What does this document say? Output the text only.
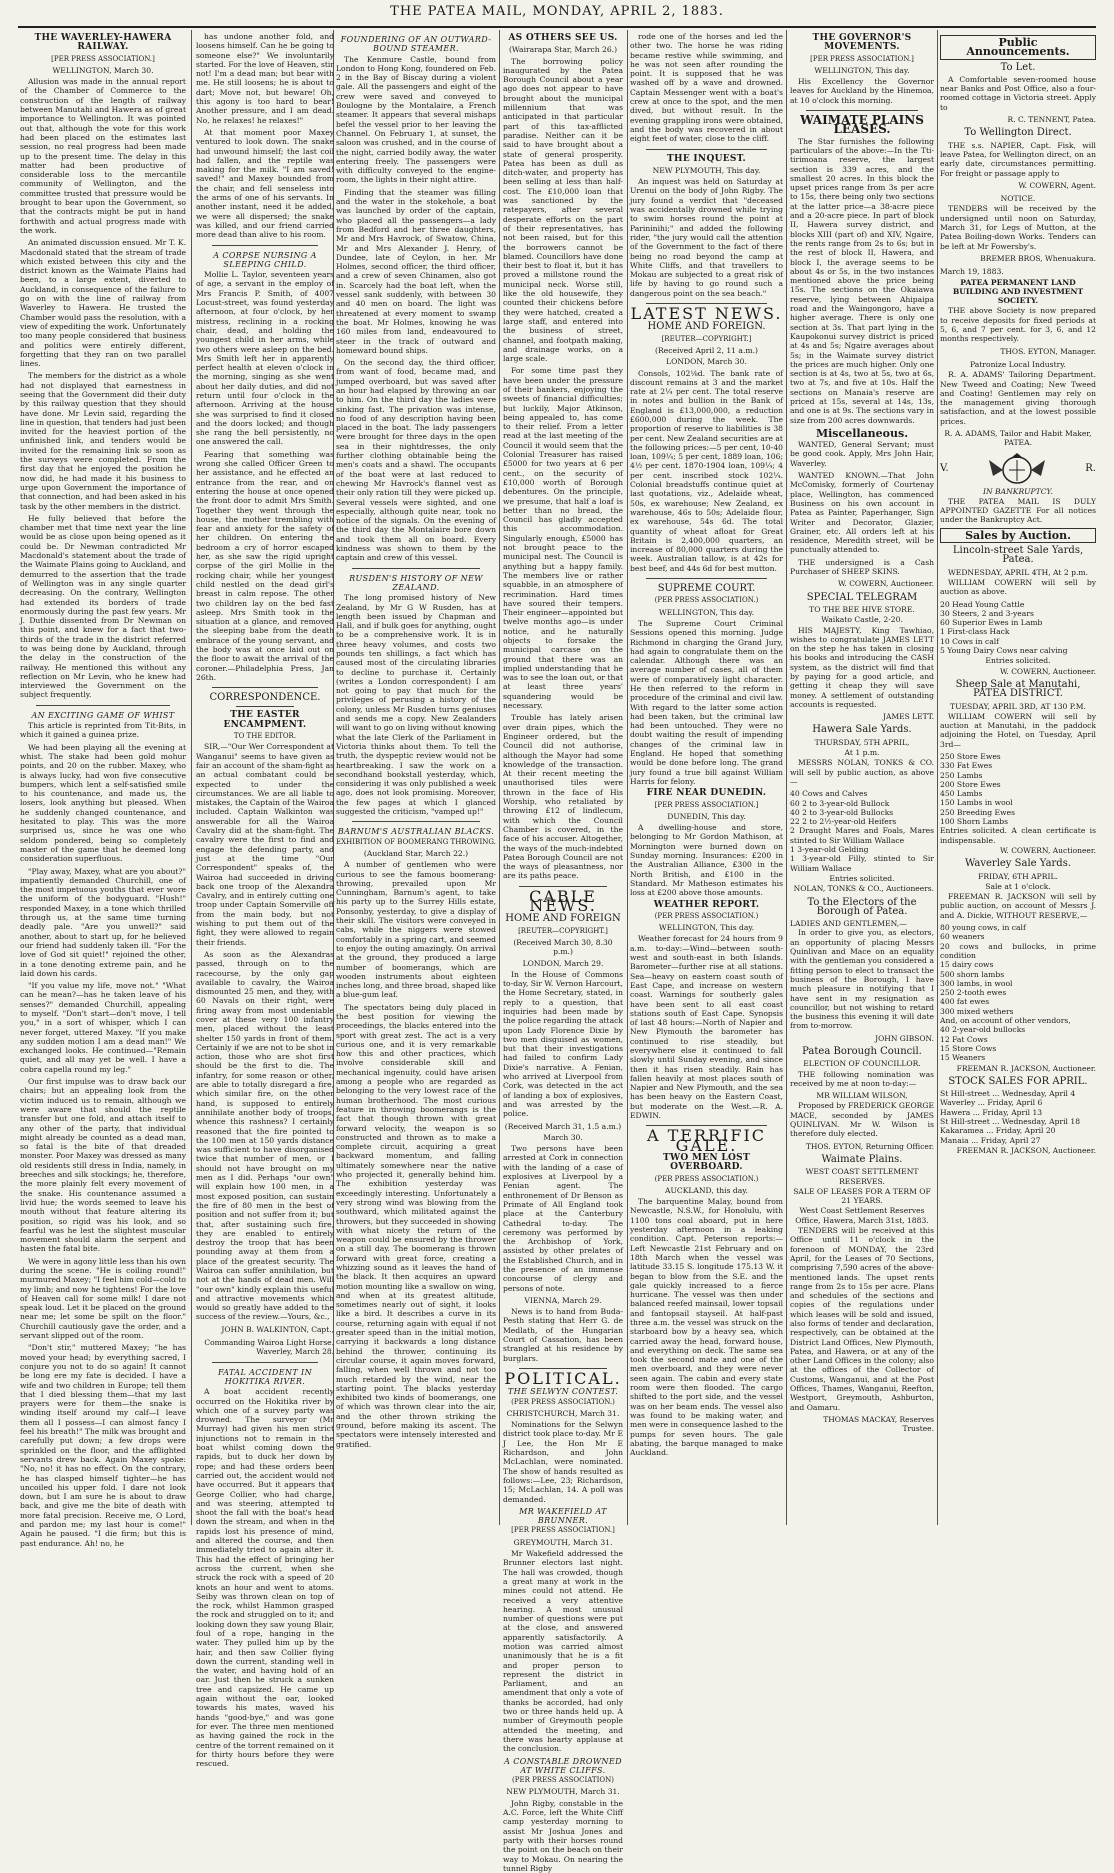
THE PATEA MAIL, MONDAY, APRIL 2, 1883.
THE WAVERLEY-HAWERA RAILWAY.
[PER PRESS ASSOCIATION.]
WELLINGTON, March 30.

Allusion was made in the annual report of the Chamber of Commerce to the construction of the length of railway between Manutahi and Hawera as of great importance to Wellington. It was pointed out that, although the vote for this work had been placed on the estimates last session, no real progress had been made up to the present time. The delay in this matter had been productive of considerable loss to the mercantile community of Wellington, and the committee trusted that pressure would be brought to bear upon the Government, so that the contracts might be put in hand forthwith and actual progress made with the work.

An animated discussion ensued. Mr T. K. Macdonald stated that the stream of trade which existed between this city and the district known as the Waimate Plains had been, to a large extent, diverted to Auckland, in consequence of the failure to go on with the line of railway from Waverley to Hawera. He trusted the Chamber would pass the resolution, with a view of expediting the work. Unfortunately too many people considered that business and politics were entirely different, forgetting that they ran on two parallel lines.

The members for the district as a whole had not displayed that earnestness in seeing that the Government did their duty by this railway question that they should have done. Mr Levin said, regarding the line in question, that tenders had just been invited for the heaviest portion of the unfinished link, and tenders would be invited for the remaining link so soon as the surveys were completed. From the first day that he enjoyed the position he now did, he had made it his business to urge upon Government the importance of that connection, and had been asked in his task by the other members in the district.

He fully believed that before the chamber met that time next year the line would be as close upon being opened as it could be. Dr Newman contradicted Mr Macdonald's statement about the trade of the Waimate Plains going to Auckland, and demurred to the assertion that the trade of Wellington was in any single quarter decreasing. On the contrary, Wellington had extended its borders of trade enormously during the past few years. Mr J. Duthie dissented from Dr Newman on this point, and knew for a fact that two-thirds of the trade in the district referred to was being done by Auckland, through the delay in the construction of the railway. He mentioned this without any reflection on Mr Levin, who he knew had interviewed the Government on the subject frequently.

AN EXCITING GAME OF WHIST

This article is reprinted from Tit-Bits, in which it gained a guinea prize.

We had been playing all the evening at whist. The stake had been gold mohur points, and 20 on the rubber. Maxey, who is always lucky, had won five consecutive bumpers, which lent a self-satisfied smile to his countenance, and made us, the losers, look anything but pleased. When he suddenly changed countenance, and hesitated to play. This was the more surprised us, since he was one who seldom pondered, being so completely master of the game that he deemed long consideration superfluous.

"Play away, Maxey, what are you about?" impatiently demanded Churchill, one of the most impetuous youths that ever wore the uniform of the bodyguard. "Hush!" responded Maxey, in a tone which thrilled through us, at the same time turning deadly pale. "Are you unwell?" said another, about to start up, for he believed our friend had suddenly taken ill. "For the love of God sit quiet!" rejoined the other, in a tone denoting extreme pain, and he laid down his cards.

"If you value my life, move not." "What can he mean?—has he taken leave of his senses?" demanded Churchill, appealing to myself. "Don't start—don't move, I tell you," in a sort of whisper, which I can never forget, uttered Maxey. "If you make any sudden motion I am a dead man!" We exchanged looks. He continued—"Remain quiet, and all may yet be well. I have a cobra capella round my leg."

Our first impulse was to draw back our chairs; but an appealing look from the victim induced us to remain, although we were aware that should the reptile transfer but one fold, and attach itself to any other of the party, that individual might already be counted as a dead man, so fatal is the bite of that dreaded monster. Poor Maxey was dressed as many old residents still dress in India, namely, in breeches and silk stockings; he, therefore, the more plainly felt every movement of the snake. His countenance assumed a livid hue; the words seemed to leave his mouth without that feature altering its position, so rigid was his look, and so fearful was he lest the slightest muscular movement should alarm the serpent and hasten the fatal bite.

We were in agony little less than his own during the scene. "He is coiling round!" murmured Maxey; "I feel him cold—cold to my limb; and now he tightens! For the love of Heaven call for some milk! I dare not speak loud. Let it be placed on the ground near me; let some be spilt on the floor." Churchill cautiously gave the order, and a servant slipped out of the room.

"Don't stir," muttered Maxey; "he has moved your head; by everything sacred, I conjure you not to do so again! It cannot be long ere my fate is decided. I have a wife and two children in Europe; tell them that I died blessing them—that my last prayers were for them—the snake is winding itself around my calf—I leave them all I possess—I can almost fancy I feel his breath!" The milk was brought and carefully put down; a few drops were sprinkled on the floor, and the afflighted servants drew back. Again Maxey spoke: "No, no! it has no effect. On the contrary, he has clasped himself tighter—he has uncoiled his upper fold. I dare not look down, but I am sure he is about to draw back, and give me the bite of death with more fatal precision. Receive me, O Lord, and pardon me; my last hour is come!" Again he paused. "I die firm; but this is past endurance. Ah! no, he

has undone another fold, and loosens himself. Can he be going to someone else?" We involuntarily started. For the love of Heaven, stir not! I'm a dead man; but bear with me. He still loosens; he is about to dart; Move not, but beware! Oh, this agony is too hard to bear! Another pressure, and I am dead. No, he relaxes! he relaxes!"

At that moment poor Maxey ventured to look down. The snake had unwound himself; the last coil had fallen, and the reptile was making for the milk. "I am saved! saved!" and Maxey bounded from the chair, and fell senseless into the arms of one of his servants. In another instant, need it be added, we were all dispersed; the snake was killed, and our friend carried more dead than alive to his room.

A CORPSE NURSING A SLEEPING CHILD.

Mollie L. Taylor, seventeen years of age, a servant in the employ of Mrs Francis P. Smith, of 4007 Locust-street, was found yesterday afternoon, at four o'clock, by her mistress, reclining in a rocking chair, dead, and holding the youngest child in her arms, while two others were asleep on the bed. Mrs Smith left her in apparently perfect health at eleven o'clock in the morning, singing as she went about her daily duties, and did not return until four o'clock in the afternoon. Arriving at the house she was surprised to find it closed and the doors locked; and though she rang the bell persistently, no one answered the call.

Fearing that something was wrong she called Officer Green to her assistance, and he effected an entrance from the rear, and on entering the house at once opened the front door to admit Mrs Smith. Together they went through the house, the mother trembling with fear and anxiety for the safety of her children. On entering the bedroom a cry of horror escaped her, as she saw the rigid upright corpse of the girl Mollie in the rocking chair, while her youngest child nestled on the dead girl's breast in calm repose. The other two children lay on the bed fast asleep. Mrs Smith took in the situation at a glance, and removed the sleeping babe from the death embrace of the young servant, and the body was at once laid out on the floor to await the arrival of the coroner.—Philadelphia Press, Jan 26th.

CORRESPONDENCE.
THE EASTER ENCAMPMENT.
TO THE EDITOR.

SIR,—"Our Wer Correspondent at Wanganui" seems to have given as fair an account of the sham-fight as an actual combatant could be expected to under the circumstances. We are all liable to mistakes, the Captain of the Wairoa included. Captain Walkinton was answerable for all the Wairoa Cavalry did at the sham-fight. The cavalry were the first to find and engage the defending party, and just at the time "Our Correspondent" speaks of, the Wairoa had succeeded in driving back one troop of the Alexandra Cavalry, and in entirely cutting one troop under Captain Somerville off from the main body, but not wishing to put them out of the fight, they were allowed to regain their friends.

As soon as the Alexandras passed, through on to the racecourse, by the only gap available to cavalry, the Wairoa dismounted 25 men, and they, with 60 Navals on their right, were firing away from most undeniable cover at these very 100 infantry men, placed without the least shelter 150 yards in front of them. Certainly if we are not to be shot in action, those who are shot first should be the first to die. The infantry, for some reason or other, are able to totally disregard a fire, which similar fire, on the other hand, is supposed to entirely annihilate another body of troops, whence this rashness? I certainly reasoned that the fire pointed to the 100 men at 150 yards distance was sufficient to have disorganised twice that number of men, or I should not have brought on my men as I did. Perhaps "our own" will explain how 100 men, in a most exposed position, can sustain the fire of 80 men in the best of position and not suffer from it; but that, after sustaining such fire, they are enabled to entirely destroy the troop that has been pounding away at them from a place of the greatest security. The Wairoa can suffer annihilation, but not at the hands of dead men. Will "our own" kindly explain this useful and attractive movements which would so greatly have added to the success of the review.—Yours, &c.,

JOHN B. WALKINTON, Capt.,
Commanding Wairoa Light Horse. Waverley, March 28.
FATAL ACCIDENT IN HOKITIKA RIVER.

A boat accident recently occurred on the Hokitika river by which one of a survey party was drowned. The surveyor (Mr Murray) had given his men strict injunctions not to remain in the boat whilst coming down the rapids, but to duck her down by rope; and had these orders been carried out, the accident would not have occurred. But it appears that George Collier, who had charge, and was steering, attempted to shoot the fall with the boat's head down the stream, and when in the rapids lost his presence of mind, and altered the course, and then immediately tried to again alter it. This had the effect of bringing her across the current, when she struck the rock with a speed of 20 knots an hour and went to atoms. Seiby was thrown clean on top of the rock, whilst Hammon grasped the rock and struggled on to it; and looking down they saw young Blair, foul of a rope, hanging in the water. They pulled him up by the hair, and then saw Collier flying down the current, standing well in the water, and having hold of an oar. Just then he struck a sunken tree and capsized. He came up again without the oar, looked towards his mates, waved his hands "good-bye," and was gone for ever. The three men mentioned as having gained the rock in the centre of the torrent remained on it for thirty hours before they were rescued.

FOUNDERING OF AN OUTWARD-BOUND STEAMER.

The Kenmure Castle, bound from London to Hong Kong, foundered on Feb. 2 in the Bay of Biscay during a violent gale. All the passengers and eight of the crew were saved and conveyed to Boulogne by the Montalaire, a French steamer. It appears that several mishaps befel the vessel prior to her leaving the Channel. On February 1, at sunset, the saloon was crushed, and in the course of the night, carried bodily away, the water entering freely. The passengers were with difficulty conveyed to the engine-room, the lights in their night attire.

Finding that the steamer was filling and the water in the stokehole, a boat was launched by order of the captain, who placed all the passengers—a lady from Bedford and her three daughters, Mr and Mrs Havrock, of Swatow, China, Mr and Mrs Alexander J. Henry, of Dundee, late of Ceylon, in her. Mr Holmes, second officer, the third officer, and a crew of seven Chinamen, also got in. Scarcely had the boat left, when the vessel sank suddenly, with between 30 and 40 men on board. The light was threatened at every moment to swamp the boat. Mr Holmes, knowing he was 160 miles from land, endeavoured to steer in the track of outward and homeward bound ships.

On the second day, the third officer, from want of food, became mad, and jumped overboard, but was saved after an hour had elapsed by throwing an oar to him. On the third day the ladies were sinking fast. The privation was intense, no food of any description having been placed in the boat. The lady passengers were brought for three days in the open sea in their nightdresses, the only further clothing obtainable being the men's coats and a shawl. The occupants of the boat were at last reduced to chewing Mr Havrock's flannel vest as their only ration till they were picked up. Several vessels were sighted, and one especially, although quite near, took no notice of the signals. On the evening of the third day the Montalaire bore down and took them all on board. Every kindness was shown to them by the captain and crew of this vessel.

RUSDEN'S HISTORY OF NEW ZEALAND.

The long promised history of New Zealand, by Mr G W Rusden, has at length been issued by Chapman and Hall, and if bulk goes for anything, ought to be a comprehensive work. It is in three heavy volumes, and costs two pounds ten shillings, a fact which has caused most of the circulating libraries to decline to purchase it. Certainly (writes a London correspondent) I am not going to pay that much for the privileges of perusing a history of the colony, unless Mr Rusden turns geniuses and sends me a copy. New Zealanders will want to go on living without knowing what the late Clerk of the Parliament in Victoria thinks about them. To tell the truth, the dyspeptic review would not be heartbreaking. I saw the work on a secondhand bookstall yesterday, which, considering it was only published a week ago, does not look promising. Moreover, the few pages at which I glanced suggested the criticism, "vamped up!"

BARNUM'S AUSTRALIAN BLACKS.
EXHIBITION OF BOOMERANG THROWING.
(Auckland Star, March 22.)

A number of gentlemen who were curious to see the famous boomerang-throwing, prevailed upon Mr Cunningham, Barnum's agent, to take his party up to the Surrey Hills estate, Ponsonby, yesterday, to give a display of their skill. The visitors were conveyed in cabs, while the niggers were stowed comfortably in a spring cart, and seemed to enjoy the outing amazingly. On arrival at the ground, they produced a large number of boomerangs, which are wooden instruments about eighteen inches long, and three broad, shaped like a blue-gum leaf.

The spectators being duly placed in the best position for viewing the proceedings, the blacks entered into the sport with great zest. The act is a very curious one, and it is very remarkable how this and other practices, which involve considerable skill and mechanical ingenuity, could have arisen among a people who are regarded as belonging to the very lowest race of the human brotherhood. The most curious feature in throwing boomerangs is the fact that though thrown with great forward velocity, the weapon is so constructed and thrown as to make a complete circuit, acquiring a great backward momentum, and falling ultimately somewhere near the native who projected it, generally behind him. The exhibition yesterday was exceedingly interesting. Unfortunately a very strong wind was blowing from the southward, which militated against the throwers, but they succeeded in showing with what nicety the return of the weapon could be ensured by the thrower on a still day. The boomerang is thrown forward with great force, creating a whizzing sound as it leaves the hand of the black. It then acquires an upward motion mounting like a swallow on wing, and when at its greatest altitude, sometimes nearly out of sight, it looks like a bird. It describes a curve in its course, returning again with equal if not greater speed than in the initial motion, carrying it backwards a long distance behind the thrower, continuing its circular course, it again moves forward, falling, when well thrown and not too much retarded by the wind, near the starting point. The blacks yesterday exhibited two kinds of boomerangs, one of which was thrown clear into the air, and the other thrown striking the ground, before making its ascent. The spectators were intensely interested and gratified.

AS OTHERS SEE US.
(Wairarapa Star, March 26.)

The borrowing policy inaugurated by the Patea Borough Council about a year ago does not appear to have brought about the municipal millennium that was anticipated in that particular part of this tax-afflicted paradise. Neither can it be said to have brought about a state of general prosperity. Patea has been as dull as ditch-water, and property has been selling at less than half-cost. The £10,000 loan that was sanctioned by the ratepayers, after several desperate efforts on the part of their representatives, has not been raised, but for this the borrowers cannot be blamed. Councillors have done their best to float it, but it has proved a millstone round the municipal neck. Worse still, like the old housewife, they counted their chickens before they were hatched, created a large staff, and entered into the business of street, channel, and footpath making, and drainage works, on a large scale.

For some time past they have been under the pressure of their bankers, enjoying the sweets of financial difficulties; but luckily, Major Atkinson, being appealed to, has come to their relief. From a letter read at the last meeting of the Council it would seem that the Colonial Treasurer has raised £5000 for two years at 6 per cent., on the security of £10,000 worth of Borough debentures. On the principle, we presume, that half a loaf is better than no bread, the Council has gladly accepted this accommodation. Singularly enough, £5000 has not brought peace to the municipal nest. The Council is anything but a happy family. The members live or rather squabble, in an atmosphere of recrimination. Hard times have soured their tempers. Their engineer—appointed but twelve months ago—is under notice, and he naturally objects to forsake the municipal carcase on the ground that there was an implied understanding that he was to see the loan out, or that at least three years' squandering would be necessary.

Trouble has lately arisen over drain pipes, which the Engineer ordered, but the Council did not authorise, although the Mayor had some knowledge of the transaction. At their recent meeting the unauthorised tiles were thrown in the face of His Worship, who retaliated by throwing £12 of lindlecum, with which the Council Chamber is covered, in the face of his accuser. Altogether, the ways of the much-indebted Patea Borough Council are not the ways of pleasantness, nor are its paths peace.

CABLE NEWS.
HOME AND FOREIGN
[REUTER—COPYRIGHT.]
(Received March 30, 8.30 p.m.)
LONDON, March 29.

In the House of Commons to-day, Sir W. Vernon Harcourt, the Home Secretary, stated, in reply to a question, that inquiries had been made by the police regarding the attack upon Lady Florence Dixie by two men disguised as women, but that their investigations had failed to confirm Lady Dixie's narrative. A Fenian, who arrived at Liverpool from Cork, was detected in the act of landing a box of explosives, and was arrested by the police.

(Received March 31, 1.5 a.m.)
March 30.

Two persons have been arrested at Cork in connection with the landing of a case of explosives at Liverpool by a Fenian agent. The enthronement of Dr Benson as Primate of All England took place at the Canterbury Cathedral to-day. The ceremony was performed by the Archbishop of York, assisted by other prelates of the Established Church, and in the presence of an immense concourse of clergy and persons of note.

VIENNA, March 29.

News is to hand from Buda-Pesth stating that Herr G. de Medlath, of the Hungarian Court of Cassation, has been strangled at his residence by burglars.

POLITICAL.
THE SELWYN CONTEST.
(PER PRESS ASSOCIATION.)
CHRISTCHURCH, March 31.

Nominations for the Selwyn district took place to-day. Mr E J Lee, the Hon Mr E Richardson, and John McLachlan, were nominated. The show of hands resulted as follows:—Lee, 23; Richardson, 15; McLachlan, 14. A poll was demanded.

MR WAKEFIELD AT BRUNNER.
[PER PRESS ASSOCIATION.]
GREYMOUTH, March 31.

Mr Wakefield addressed the Brunner electors last night. The hall was crowded, though a great many at work in the mines could not attend. He received a very attentive hearing. A most unusual number of questions were put at the close, and answered apparently satisfactorily. A motion was carried almost unanimously that he is a fit and proper person to represent the district in Parliament, and an amendment that only a vote of thanks be accorded, had only two or three hands held up. A number of Greymouth people attended the meeting, and there was hearty applause at the conclusion.

A CONSTABLE DROWNED AT WHITE CLIFFS.
(PER PRESS ASSOCIATION)
NEW PLYMOUTH, March 31.

John Rigby, constable in the A.C. Force, left the White Cliff camp yesterday morning to assist Mr Joshua Jones and party with their horses round the point on the beach on their way to Mokau. On nearing the tunnel Rigby

rode one of the horses and led the other two. The horse he was riding became restive while swimming, and he was not seen after rounding the point. It is supposed that he was washed off by a wave and drowned. Captain Messenger went with a boat's crew at once to the spot, and the men dived, but without result. In the evening grappling irons were obtained, and the body was recovered in about eight feet of water, close to the cliff.

THE INQUEST.
NEW PLYMOUTH, This day.

An inquest was held on Saturday at Urenui on the body of John Rigby. The jury found a verdict that "deceased was accidentally drowned while trying to swim horses round the point at Parininihi;" and added the following rider, "the jury would call the attention of the Government to the fact of there being no road beyond the camp at White Cliffs, and that travellers to Mokau are subjected to a great risk of life by having to go round such a dangerous point on the sea beach."

LATEST NEWS.
HOME AND FOREIGN.
[REUTER—COPYRIGHT.]
(Received April 2, 11 a.m.)
LONDON, March 30.

Consols, 102⅛d. The bank rate of discount remains at 3 and the market rate at 2¼ per cent. The total reserve in notes and bullion in the Bank of England is £13,000,000, a reduction £600,000 during the week. The proportion of reserve to liabilities is 38 per cent. New Zealand securities are at the following prices:—5 per cent, 10-40 loan, 109¼; 5 per cent, 1889 loan, 106; 4½ per cent. 1870-1904 loan, 109¼; 4 per cent. inscribed stock 102¼. Colonial breadstuffs continue quiet at last quotations, viz., Adelaide wheat, 50s, ex warehouse; New Zealand, ex warehouse, 46s to 50s; Adelaide flour, ex warehouse, 54s 6d. The total quantity of wheat afloat for Great Britain is 2,400,000 quarters, an increase of 80,000 quarters during the week. Australian tallow, is at 42s for best beef, and 44s 6d for best mutton.

SUPREME COURT.
(PER PRESS ASSOCIATION.)
WELLINGTON, This day.

The Supreme Court Criminal Sessions opened this morning. Judge Richmond in charging the Grand Jury, had again to congratulate them on the calendar. Although there was an average number of cases, all of them were of comparatively light character. He then referred to the reform in procedure of the criminal and civil law. With regard to the latter some action had been taken, but the criminal law had been untouched. They were no doubt waiting the result of impending changes of the criminal law in England. He hoped that something would be done before long. The grand jury found a true bill against William Harris for felony.

FIRE NEAR DUNEDIN.
[PER PRESS ASSOCIATION.]
DUNEDIN, This day.

A dwelling-house and store, belonging to Mr Gordon Mathison, at Mornington were burned down on Sunday morning. Insurances: £200 in the Australian Alliance, £300 in the North British, and £100 in the Standard. Mr Matheson estimates his loss at £200 above those amounts.

WEATHER REPORT.
(PER PRESS ASSOCIATION.)
WELLINGTON, This day.

Weather forecast for 24 hours from 9 a.m. to-day:—Wind—between south-west and south-east in both Islands. Barometer—further rise at all stations. Sea—heavy on eastern coast south of East Cape, and increase on western coast. Warnings for southerly gales have been sent to all east coast stations south of East Cape. Synopsis of last 48 hours:—North of Napier and New Plymouth the barometer has continued to rise steadily, but everywhere else it continued to fall slowly until Sunday evening, and since then it has risen steadily. Rain has fallen heavily at most places south of Napier and New Plymouth, and the sea has been heavy on the Eastern Coast, but moderate on the West.—R. A. EDWIN.

A TERRIFIC GALE.
TWO MEN LOST OVERBOARD.
(PER PRESS ASSOCIATION.)
AUCKLAND, this day.

The barquentine Malay, bound from Newcastle, N.S.W., for Honolulu, with 1100 tons coal aboard, put in here yesterday afternoon in a leaking condition. Capt. Peterson reports:—Left Newcastle 21st February and on 18th March when the vessel was latitude 33.15 S. longitude 175.13 W. it began to blow from the S.E. and the gale quickly increased to a fierce hurricane. The vessel was then under balanced reefed mainsail, lower topsail and fantopsail stayseil. At half-past three a.m. the vessel was struck on the starboard bow by a heavy sea, which carried away the head, forward house, and everything on deck. The same sea took the second mate and one of the men overboard, and they were never seen again. The cabin and every state room were then flooded. The cargo shifted to the port side, and the vessel was on her beam ends. The vessel also was found to be making water, and men were in consequence lashed to the pumps for seven hours. The gale abating, the barque managed to make Auckland.

THE GOVERNOR'S MOVEMENTS.
[PER PRESS ASSOCIATION.]
WELLINGTON, This day.

His Excellency the Governor leaves for Auckland by the Hinemoa, at 10 o'clock this morning.

WAIMATE PLAINS LEASES.

The Star furnishes the following particulars of the above:—In the Tti-tirimoana reserve, the largest section is 339 acres, and the smallest 20 acres. In this block the upset prices range from 3s per acre to 15s, there being only two sections at the latter price—a 38-acre piece and a 20-acre piece. In part of block II, Hawera survey district, and blocks XIII (part of) and XIV, Ngaire, the rents range from 2s to 6s; but in the rest of block II, Hawera, and block I, the average seems to be about 4s or 5s, in the two instances mentioned above the price being 15s. The sections on the Okaiawa reserve, lying between Ahipaipa road and the Waingongoro, have a higher average. There is only one section at 3s. That part lying in the Kaupokonui survey district is priced at 4s and 5s; Ngaire averages about 5s; in the Waimate survey district the prices are much higher. Only one section is at 4s, two at 5s, two at 6s, two at 7s, and five at 10s. Half the sections on Manaia's reserve are priced at 15s, several at 14s, 13s, and one is at 9s. The sections vary in size from 200 acres downwards.

Miscellaneous.

WANTED, General Servant; must be good cook. Apply, Mrs John Hair, Waverley.

WANTED KNOWN.—That John McComisky, formerly of Courtenay place, Wellington, has commenced Business on his own account in Patea as Painter, Paperhanger, Sign Writer and Decorator, Glazier, Grainer, etc. All orders left at his residence, Meredith street, will be punctually attended to.

THE undersigned is a Cash Purchaser of SHEEP SKINS.

W. COWERN, Auctioneer.
SPECIAL TELEGRAM
TO THE BEE HIVE STORE.
Waikato Castle, 2-20.

HIS MAJESTY, King Tawhiao, wishes to congratulate JAMES LETT on the step he has taken in closing his books and introducing the CASH system, as the district will find that by paying for a good article, and getting it cheap they will save money. A settlement of outstanding accounts is requested.

JAMES LETT.
Hawera Sale Yards.
THURSDAY, 5TH APRIL,
At 1 p.m.

MESSRS NOLAN, TONKS & CO. will sell by public auction, as above—

40 Cows and Calves
60 2 to 3-year-old Bullock
40 2 to 3-year-old Bullocks
22 2 to 2½-year-old Heifers
2 Draught Mares and Foals, Mares stinted to Sir William Wallace
1 3-year-old Gelding
1 3-year-old Filly, stinted to Sir William Wallace
Entries solicited.
NOLAN, TONKS & CO., Auctioneers.
To the Electors of the Borough of Patea.
LADIES AND GENTLEMEN,—

In order to give you, as electors, an opportunity of placing Messrs Quinlivan and Mace on an equality with the gentleman you considered a fitting person to elect to transact the business of the Borough, I have much pleasure in notifying that I have sent in my resignation as councillor, but not wishing to retard the business this evening it will date from to-morrow.

JOHN GIBSON.
Patea Borough Council.
ELECTION OF COUNCILLOR.

THE following nomination was received by me at noon to-day:—

MR WILLIAM WILSON,

Proposed by FREDERICK GEORGE MACE, seconded by JAMES QUINLIVAN. Mr W. Wilson is therefore duly elected.

THOS. EYTON, Returning Officer.
Waimate Plains.
WEST COAST SETTLEMENT RESERVES.
SALE OF LEASES FOR A TERM OF 21 YEARS.
West Coast Settlement Reserves Office, Hawera, March 31st, 1883.

TENDERS will be received at this Office until 11 o'clock in the forenoon of MONDAY, the 23rd April, for the Leases of 70 Sections, comprising 7,590 acres of the above-mentioned lands. The upset rents range from 2s to 15s per acre. Plans and schedules of the sections and copies of the regulations under which leases will be sold and issued, also forms of tender and declaration, respectively, can be obtained at the District Land Offices, New Plymouth, Patea, and Hawera, or at any of the other Land Offices in the colony; also at the offices of the Collector of Customs, Wanganui, and at the Post Offices, Thames, Wanganui, Reefton, Westport, Greymouth, Ashburton, and Oamaru.

THOMAS MACKAY, Reserves Trustee.
Public Announcements.
To Let.

A Comfortable seven-roomed house near Banks and Post Office, also a four-roomed cottage in Victoria street. Apply to

R. C. TENNENT, Patea.
To Wellington Direct.

THE s.s. NAPIER, Capt. Fisk, will leave Patea, for Wellington direct, on an early date, circumstances permitting. For freight or passage apply to

W. COWERN, Agent.
NOTICE.

TENDERS will be received by the undersigned until noon on Saturday, March 31, for Legs of Mutton, at the Patea Boiling-down Works. Tenders can be left at Mr Fowersby's.

BREMER BROS, Whenuakura.
March 19, 1883.
PATEA PERMANENT LAND BUILDING AND INVESTMENT SOCIETY.

THE above Society is now prepared to receive deposits for fixed periods at 5, 6, and 7 per cent. for 3, 6, and 12 months respectively.

THOS. EYTON, Manager.
Patronize Local Industry.

R. A. ADAMS' Tailoring Department. New Tweed and Coating; New Tweed and Coating! Gentlemen may rely on the management giving thorough satisfaction, and at the lowest possible prices.

R. A. ADAMS, Tailor and Habit Maker, PATEA.
V.	R.
IN BANKRUPTCY.

THE PATEA MAIL IS DULY APPOINTED GAZETTE For all notices under the Bankruptcy Act.

Sales by Auction.
Lincoln-street Sale Yards, Patea.
WEDNESDAY, APRIL 4TH, At 2 p.m.

WILLIAM COWERN will sell by auction as above.

20 Head Young Cattle
30 Steers, 2 and 3-years
60 Superior Ewes in Lamb
1 First-class Hack
10 Cows in calf
5 Young Dairy Cows near calving
Entries solicited.
W. COWERN, Auctioneer.
Sheep Sale at Manutahi, PATEA DISTRICT.
TUESDAY, APRIL 3RD, AT 130 P.M.

WILLIAM COWERN will sell by auction at Manutahi, in the paddock adjoining the Hotel, on Tuesday, April 3rd—

250 Store Ewes
330 Fat Ewes
250 Lambs
200 Store Ewes
450 Lambs
150 Lambs in wool
250 Breeding Ewes
100 Shorn Lambs
Entries solicited. A clean certificate is indispensable.
W. COWERN, Auctioneer.
Waverley Sale Yards.
FRIDAY, 6TH APRIL.
Sale at 1 o'clock.

FREEMAN R. JACKSON will sell by public auction, on account of Messrs J. and A. Dickie, WITHOUT RESERVE,—

80 young cows, in calf
60 weaners
20 cows and bullocks, in prime condition
15 dairy cows
500 shorn lambs
300 lambs, in wool
250 2-tooth ewes
400 fat ewes
300 mixed wethers
And, on account of other vendors,
40 2-year-old bullocks
12 Fat Cows
15 Store Cows
15 Weaners
FREEMAN R. JACKSON, Auctioneer.
STOCK SALES FOR APRIL.
St Hill-street ... Wednesday, April 4
Waverley ... Friday, April 6
Hawera ... Friday, April 13
St Hill-street ... Wednesday, April 18
Kakaramea ... Friday, April 20
Manaia ... Friday, April 27
FREEMAN R. JACKSON, Auctioneer.
